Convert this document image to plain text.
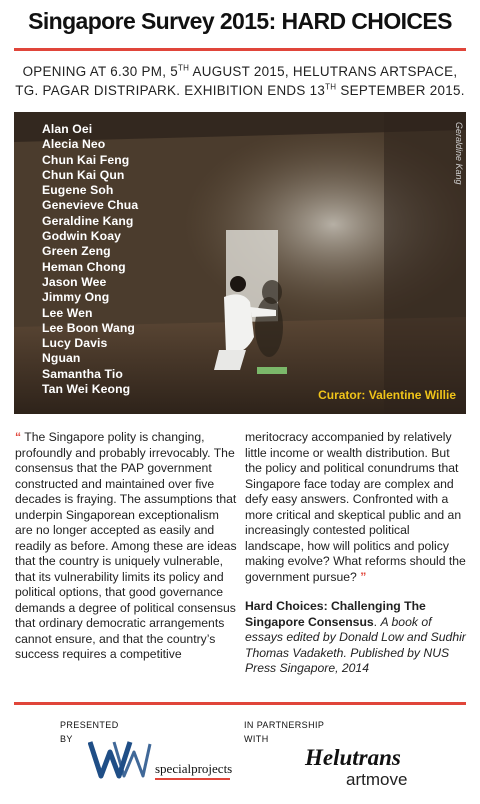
Singapore Survey 2015: HARD CHOICES
OPENING AT 6.30 PM, 5TH AUGUST 2015, HELUTRANS ARTSPACE,
TG. PAGAR DISTRIPARK. EXHIBITION ENDS 13TH SEPTEMBER 2015.
Alan Oei
Alecia Neo
Chun Kai Feng
Chun Kai Qun
Eugene Soh
Genevieve Chua
Geraldine Kang
Godwin Koay
Green Zeng
Heman Chong
Jason Wee
Jimmy Ong
Lee Wen
Lee Boon Wang
Lucy Davis
Nguan
Samantha Tio
Tan Wei Keong
Geraldine Kang
Curator: Valentine Willie

“ The Singapore polity is changing, profoundly and probably irrevocably. The consensus that the PAP government constructed and maintained over five decades is fraying. The assumptions that underpin Singaporean exceptionalism are no longer accepted as easily and readily as before. Among these are ideas that the country is uniquely vulnerable, that its vulnerability limits its policy and political options, that good governance demands a degree of political consensus that ordinary democratic arrangements cannot ensure, and that the country’s success requires a competitive

meritocracy accompanied by relatively little income or wealth distribution. But the policy and political conundrums that Singapore face today are complex and defy easy answers. Confronted with a more critical and skeptical public and an increasingly contested political landscape, how will politics and policy making evolve? What reforms should the government pursue? ”

Hard Choices: Challenging The Singapore Consensus. A book of essays edited by Donald Low and Sudhir Thomas Vadaketh. Published by NUS Press Singapore, 2014

PRESENTED
BY
specialprojects
IN PARTNERSHIP
WITH
Helutrans
artmove
